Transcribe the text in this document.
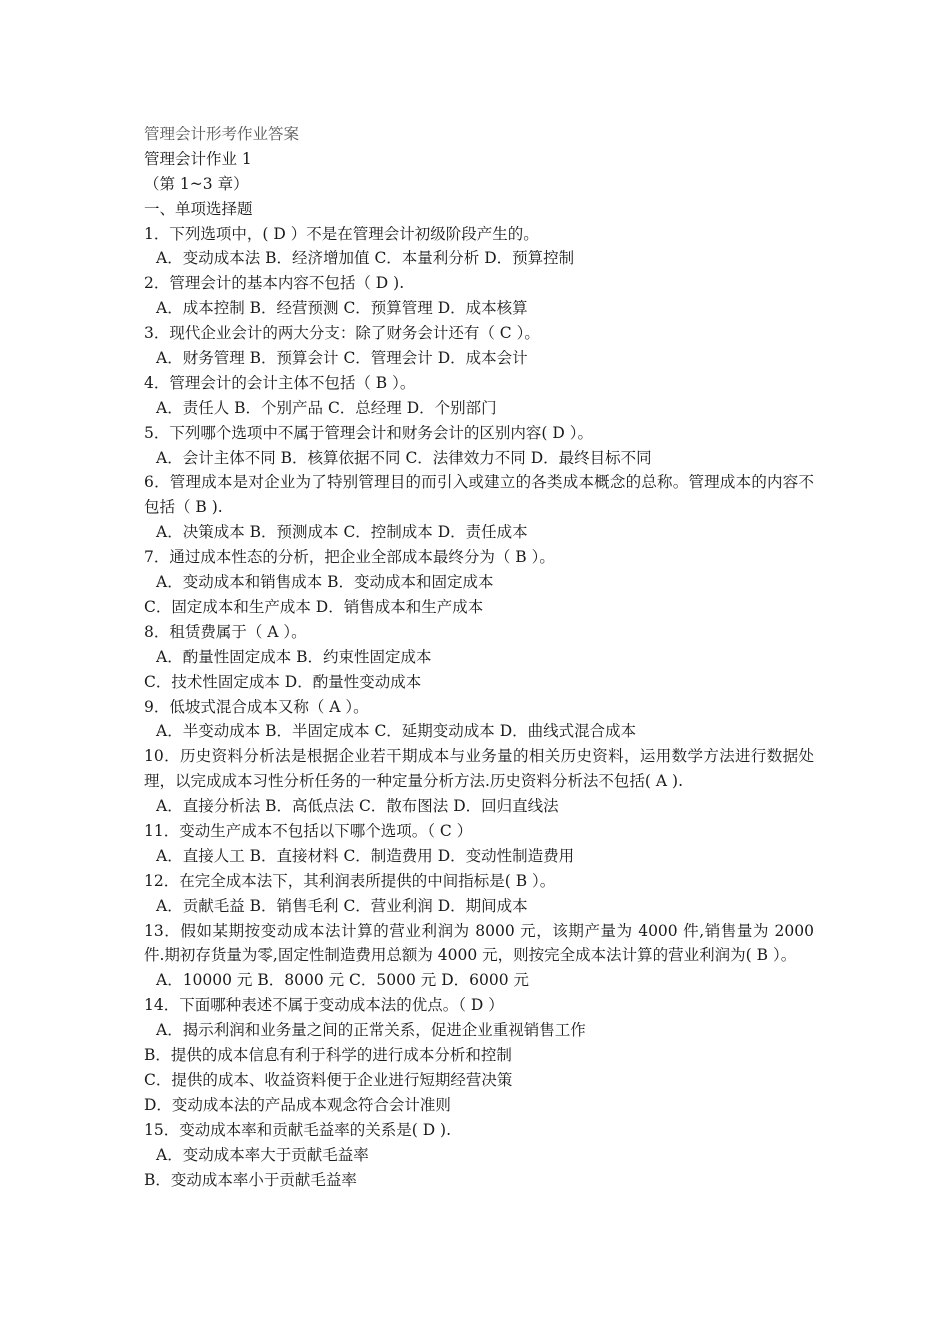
管理会计形考作业答案
管理会计作业 1
（第 1~3 章）
一、单项选择题
1．下列选项中，( D ）不是在管理会计初级阶段产生的。
A．变动成本法 B．经济增加值 C．本量利分析 D．预算控制
2．管理会计的基本内容不包括（ D ).
A．成本控制 B．经营预测 C．预算管理 D．成本核算
3．现代企业会计的两大分支：除了财务会计还有（ C ）。
A．财务管理 B．预算会计 C．管理会计 D．成本会计
4．管理会计的会计主体不包括（ B ）。
A．责任人 B．个别产品 C．总经理 D．个别部门
5．下列哪个选项中不属于管理会计和财务会计的区别内容( D ）。
A．会计主体不同 B．核算依据不同 C．法律效力不同 D．最终目标不同
6．管理成本是对企业为了特别管理目的而引入或建立的各类成本概念的总称。管理成本的内容不包括（ B ).
A．决策成本 B．预测成本 C．控制成本 D．责任成本
7．通过成本性态的分析，把企业全部成本最终分为（ B ）。
A．变动成本和销售成本 B．变动成本和固定成本
C．固定成本和生产成本 D．销售成本和生产成本
8．租赁费属于（ A ）。
A．酌量性固定成本 B．约束性固定成本
C．技术性固定成本 D．酌量性变动成本
9．低坡式混合成本又称（ A ）。
A．半变动成本 B．半固定成本 C．延期变动成本 D．曲线式混合成本
10．历史资料分析法是根据企业若干期成本与业务量的相关历史资料，运用数学方法进行数据处理，以完成成本习性分析任务的一种定量分析方法.历史资料分析法不包括( A ).
A．直接分析法 B．高低点法 C．散布图法 D．回归直线法
11．变动生产成本不包括以下哪个选项。（ C ）
A．直接人工 B．直接材料 C．制造费用 D．变动性制造费用
12．在完全成本法下，其利润表所提供的中间指标是( B ）。
A．贡献毛益 B．销售毛利 C．营业利润 D．期间成本
13．假如某期按变动成本法计算的营业利润为 8000 元，该期产量为 4000 件,销售量为 2000 件.期初存货量为零,固定性制造费用总额为 4000 元，则按完全成本法计算的营业利润为( B ）。
A．10000 元 B．8000 元 C．5000 元 D．6000 元
14．下面哪种表述不属于变动成本法的优点。（ D ）
A．揭示利润和业务量之间的正常关系，促进企业重视销售工作
B．提供的成本信息有利于科学的进行成本分析和控制
C．提供的成本、收益资料便于企业进行短期经营决策
D．变动成本法的产品成本观念符合会计准则
15．变动成本率和贡献毛益率的关系是( D ).
A．变动成本率大于贡献毛益率
B．变动成本率小于贡献毛益率
